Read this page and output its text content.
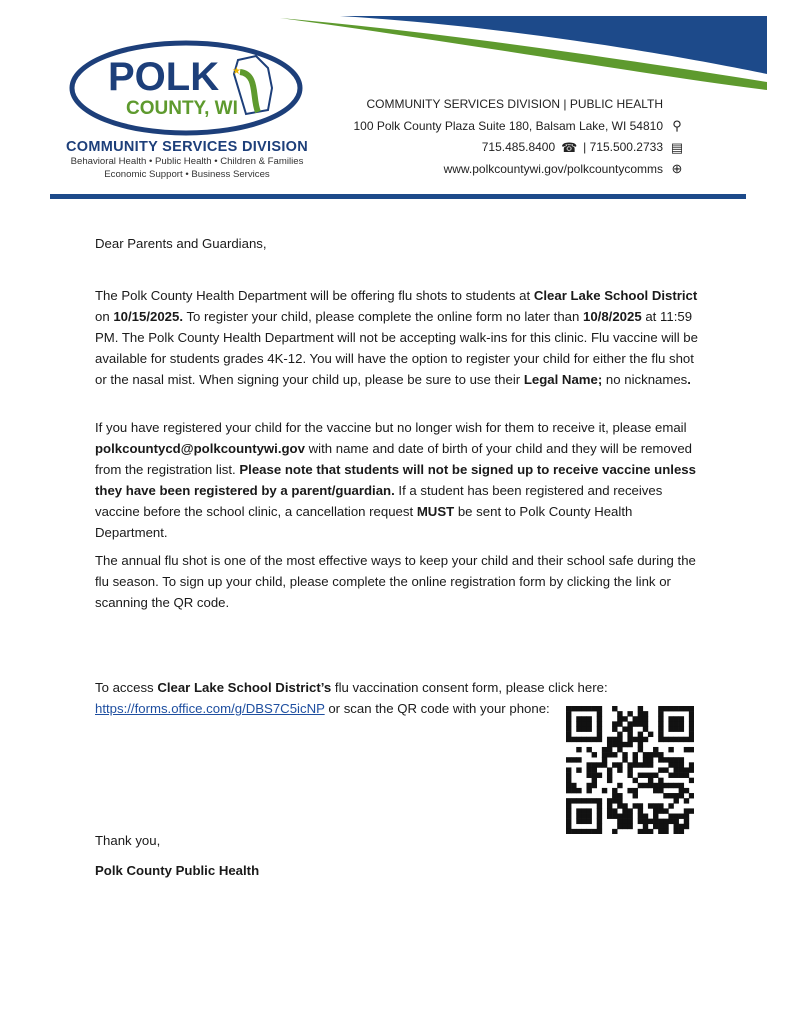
POLK
COUNTY, WI
★
COMMUNITY SERVICES DIVISION
Behavioral Health • Public Health • Children & Families
Economic Support • Business Services
COMMUNITY SERVICES DIVISION | PUBLIC HEALTH
100 Polk County Plaza Suite 180, Balsam Lake, WI 54810 ⚲
715.485.8400 ☎ | 715.500.2733 ▤
www.polkcountywi.gov/polkcountycomms ⊕
Dear Parents and Guardians,

The Polk County Health Department will be offering flu shots to students at Clear Lake School District on 10/15/2025. To register your child, please complete the online form no later than 10/8/2025 at 11:59 PM. The Polk County Health Department will not be accepting walk-ins for this clinic. Flu vaccine will be available for students grades 4K-12. You will have the option to register your child for either the flu shot or the nasal mist. When signing your child up, please be sure to use their Legal Name; no nicknames.

If you have registered your child for the vaccine but no longer wish for them to receive it, please email polkcountycd@polkcountywi.gov with name and date of birth of your child and they will be removed from the registration list. Please note that students will not be signed up to receive vaccine unless they have been registered by a parent/guardian. If a student has been registered and receives vaccine before the school clinic, a cancellation request MUST be sent to Polk County Health Department.

The annual flu shot is one of the most effective ways to keep your child and their school safe during the flu season. To sign up your child, please complete the online registration form by clicking the link or scanning the QR code.

To access Clear Lake School District’s flu vaccination consent form, please click here:
https://forms.office.com/g/DBS7C5icNP or scan the QR code with your phone:

Thank you,
Polk County Public Health
